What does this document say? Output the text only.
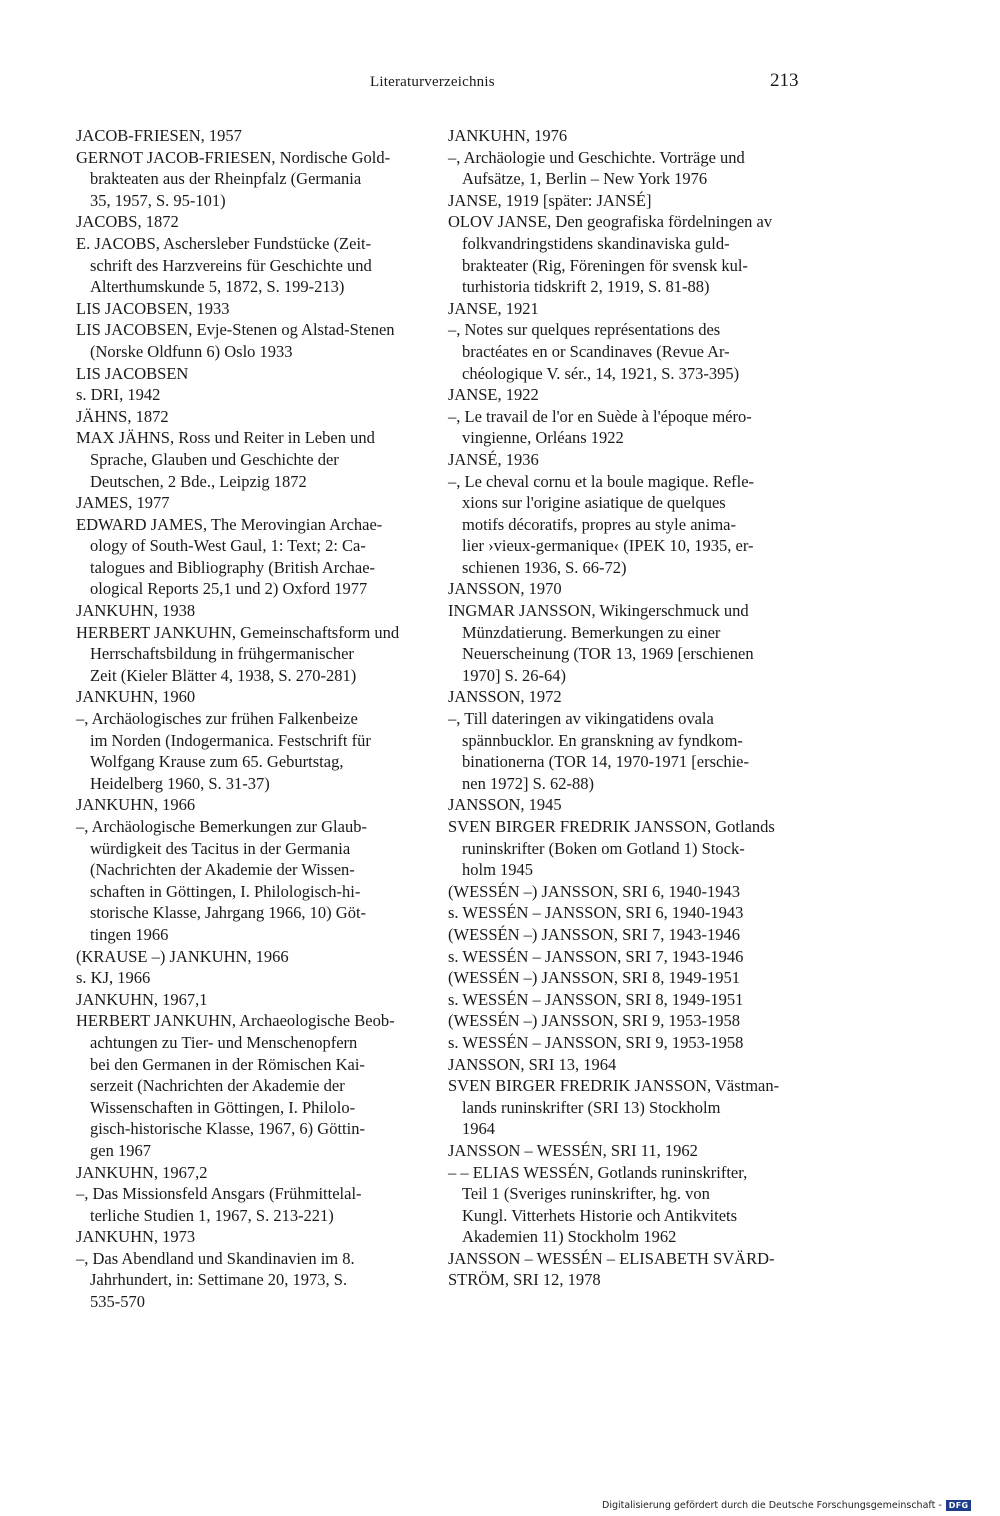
Literaturverzeichnis	213
JACOB-FRIESEN, 1957
GERNOT JACOB-FRIESEN, Nordische Gold-
brakteaten aus der Rheinpfalz (Germania
35, 1957, S. 95-101)
JACOBS, 1872
E. JACOBS, Aschersleber Fundstücke (Zeit-
schrift des Harzvereins für Geschichte und
Alterthumskunde 5, 1872, S. 199-213)
LIS JACOBSEN, 1933
LIS JACOBSEN, Evje-Stenen og Alstad-Stenen
(Norske Oldfunn 6) Oslo 1933
LIS JACOBSEN
s. DRI, 1942
JÄHNS, 1872
MAX JÄHNS, Ross und Reiter in Leben und
Sprache, Glauben und Geschichte der
Deutschen, 2 Bde., Leipzig 1872
JAMES, 1977
EDWARD JAMES, The Merovingian Archae-
ology of South-West Gaul, 1: Text; 2: Ca-
talogues and Bibliography (British Archae-
ological Reports 25,1 und 2) Oxford 1977
JANKUHN, 1938
HERBERT JANKUHN, Gemeinschaftsform und
Herrschaftsbildung in frühgermanischer
Zeit (Kieler Blätter 4, 1938, S. 270-281)
JANKUHN, 1960
–, Archäologisches zur frühen Falkenbeize
im Norden (Indogermanica. Festschrift für
Wolfgang Krause zum 65. Geburtstag,
Heidelberg 1960, S. 31-37)
JANKUHN, 1966
–, Archäologische Bemerkungen zur Glaub-
würdigkeit des Tacitus in der Germania
(Nachrichten der Akademie der Wissen-
schaften in Göttingen, I. Philologisch-hi-
storische Klasse, Jahrgang 1966, 10) Göt-
tingen 1966
(KRAUSE –) JANKUHN, 1966
s. KJ, 1966
JANKUHN, 1967,1
HERBERT JANKUHN, Archaeologische Beob-
achtungen zu Tier- und Menschenopfern
bei den Germanen in der Römischen Kai-
serzeit (Nachrichten der Akademie der
Wissenschaften in Göttingen, I. Philolo-
gisch-historische Klasse, 1967, 6) Göttin-
gen 1967
JANKUHN, 1967,2
–, Das Missionsfeld Ansgars (Frühmittelal-
terliche Studien 1, 1967, S. 213-221)
JANKUHN, 1973
–, Das Abendland und Skandinavien im 8.
Jahrhundert, in: Settimane 20, 1973, S.
535-570
JANKUHN, 1976
–, Archäologie und Geschichte. Vorträge und
Aufsätze, 1, Berlin – New York 1976
JANSE, 1919 [später: JANSÉ]
OLOV JANSE, Den geografiska fördelningen av
folkvandringstidens skandinaviska guld-
brakteater (Rig, Föreningen för svensk kul-
turhistoria tidskrift 2, 1919, S. 81-88)
JANSE, 1921
–, Notes sur quelques représentations des
bractéates en or Scandinaves (Revue Ar-
chéologique V. sér., 14, 1921, S. 373-395)
JANSE, 1922
–, Le travail de l'or en Suède à l'époque méro-
vingienne, Orléans 1922
JANSÉ, 1936
–, Le cheval cornu et la boule magique. Refle-
xions sur l'origine asiatique de quelques
motifs décoratifs, propres au style anima-
lier ›vieux-germanique‹ (IPEK 10, 1935, er-
schienen 1936, S. 66-72)
JANSSON, 1970
INGMAR JANSSON, Wikingerschmuck und
Münzdatierung. Bemerkungen zu einer
Neuerscheinung (TOR 13, 1969 [erschienen
1970] S. 26-64)
JANSSON, 1972
–, Till dateringen av vikingatidens ovala
spännbucklor. En granskning av fyndkom-
binationerna (TOR 14, 1970-1971 [erschie-
nen 1972] S. 62-88)
JANSSON, 1945
SVEN BIRGER FREDRIK JANSSON, Gotlands
runinskrifter (Boken om Gotland 1) Stock-
holm 1945
(WESSÉN –) JANSSON, SRI 6, 1940-1943
s. WESSÉN – JANSSON, SRI 6, 1940-1943
(WESSÉN –) JANSSON, SRI 7, 1943-1946
s. WESSÉN – JANSSON, SRI 7, 1943-1946
(WESSÉN –) JANSSON, SRI 8, 1949-1951
s. WESSÉN – JANSSON, SRI 8, 1949-1951
(WESSÉN –) JANSSON, SRI 9, 1953-1958
s. WESSÉN – JANSSON, SRI 9, 1953-1958
JANSSON, SRI 13, 1964
SVEN BIRGER FREDRIK JANSSON, Västman-
lands runinskrifter (SRI 13) Stockholm
1964
JANSSON – WESSÉN, SRI 11, 1962
– – ELIAS WESSÉN, Gotlands runinskrifter,
Teil 1 (Sveriges runinskrifter, hg. von
Kungl. Vitterhets Historie och Antikvitets
Akademien 11) Stockholm 1962
JANSSON – WESSÉN – ELISABETH SVÄRD-
STRÖM, SRI 12, 1978
Digitalisierung gefördert durch die Deutsche Forschungsgemeinschaft - DFG
